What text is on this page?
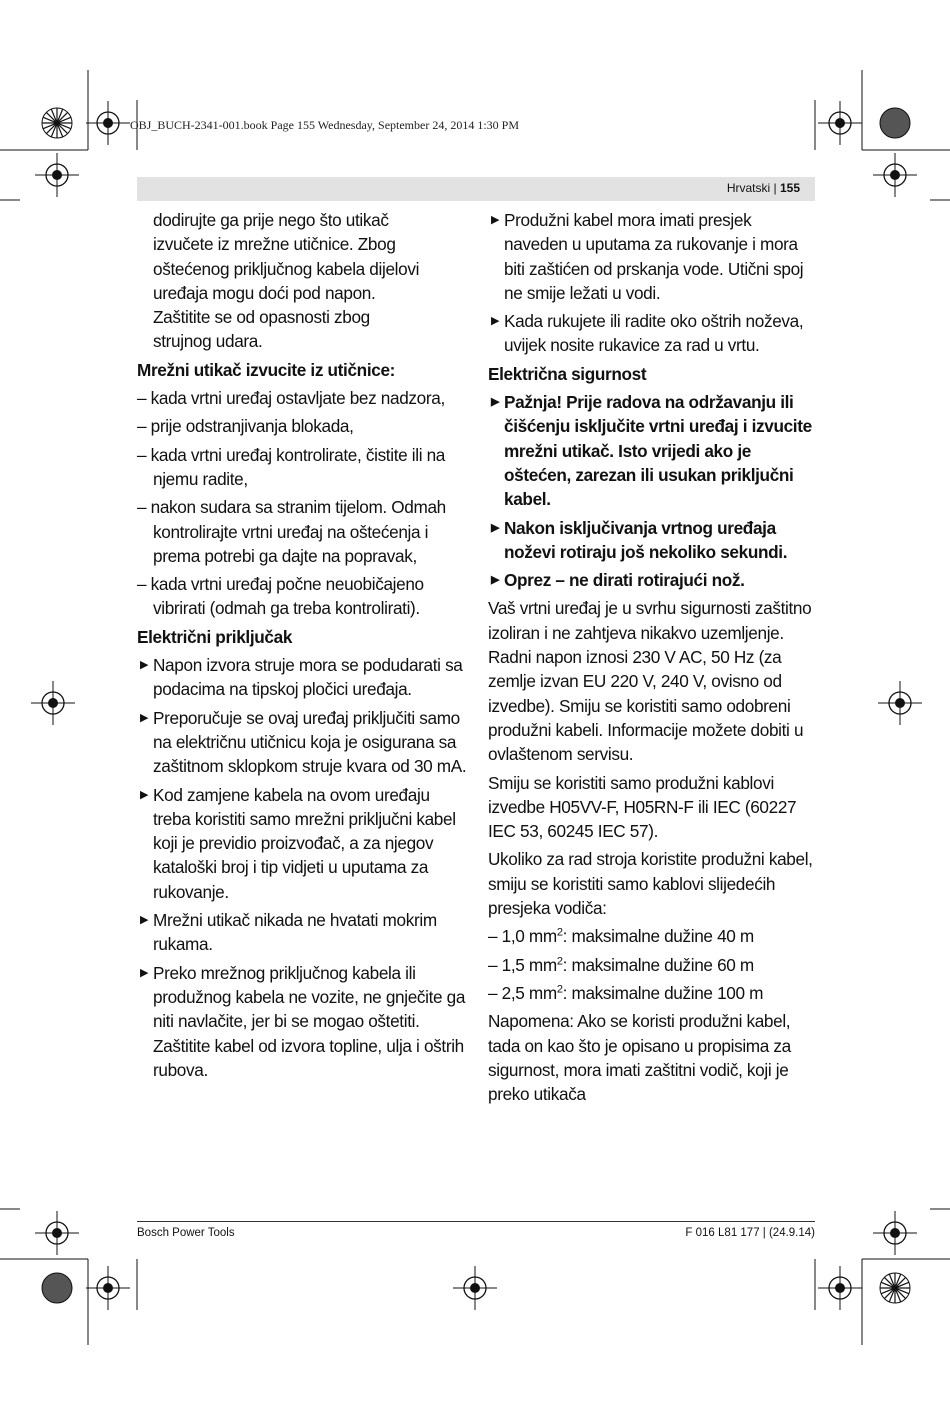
OBJ_BUCH-2341-001.book Page 155 Wednesday, September 24, 2014 1:30 PM
Hrvatski | 155
dodirujte ga prije nego što utikač
izvučete iz mrežne utičnice. Zbog
oštećenog priključnog kabela dijelovi
uređaja mogu doći pod napon.
Zaštitite se od opasnosti zbog
strujnog udara.
Mrežni utikač izvucite iz utičnice:
– kada vrtni uređaj ostavljate bez nadzora,
– prije odstranjivanja blokada,
– kada vrtni uređaj kontrolirate, čistite ili na njemu radite,
– nakon sudara sa stranim tijelom. Odmah kontrolirajte vrtni uređaj na oštećenja i prema potrebi ga dajte na popravak,
– kada vrtni uređaj počne neuobičajeno vibrirati (odmah ga treba kontrolirati).
Električni priključak
▶ Napon izvora struje mora se podudarati sa podacima na tipskoj pločici uređaja.
▶ Preporučuje se ovaj uređaj priključiti samo na električnu utičnicu koja je osigurana sa zaštitnom sklopkom struje kvara od 30 mA.
▶ Kod zamjene kabela na ovom uređaju treba koristiti samo mrežni priključni kabel koji je previdio proizvođač, a za njegov kataloški broj i tip vidjeti u uputama za rukovanje.
▶ Mrežni utikač nikada ne hvatati mokrim rukama.
▶ Preko mrežnog priključnog kabela ili produžnog kabela ne vozite, ne gnječite ga niti navlačite, jer bi se mogao oštetiti. Zaštitite kabel od izvora topline, ulja i oštrih rubova.
▶ Produžni kabel mora imati presjek naveden u uputama za rukovanje i mora biti zaštićen od prskanja vode. Utični spoj ne smije ležati u vodi.
▶ Kada rukujete ili radite oko oštrih noževa, uvijek nosite rukavice za rad u vrtu.
Električna sigurnost
▶ Pažnja! Prije radova na održavanju ili čišćenju isključite vrtni uređaj i izvucite mrežni utikač. Isto vrijedi ako je oštećen, zarezan ili usukan priključni kabel.
▶ Nakon isključivanja vrtnog uređaja noževi rotiraju još nekoliko sekundi.
▶ Oprez – ne dirati rotirajući nož.
Vaš vrtni uređaj je u svrhu sigurnosti zaštitno izoliran i ne zahtjeva nikakvo uzemljenje. Radni napon iznosi 230 V AC, 50 Hz (za zemlje izvan EU 220 V, 240 V, ovisno od izvedbe). Smiju se koristiti samo odobreni produžni kabeli. Informacije možete dobiti u ovlaštenom servisu.
Smiju se koristiti samo produžni kablovi izvedbe H05VV-F, H05RN-F ili IEC (60227 IEC 53, 60245 IEC 57).
Ukoliko za rad stroja koristite produžni kabel, smiju se koristiti samo kablovi slijedećih presjeka vodiča:
– 1,0 $mm^2$: maksimalne dužine 40 m
– 1,5 $mm^2$: maksimalne dužine 60 m
– 2,5 $mm^2$: maksimalne dužine 100 m
Napomena: Ako se koristi produžni kabel, tada on kao što je opisano u propisima za sigurnost, mora imati zaštitni vodič, koji je preko utikača
Bosch Power Tools	F 016 L81 177 | (24.9.14)
